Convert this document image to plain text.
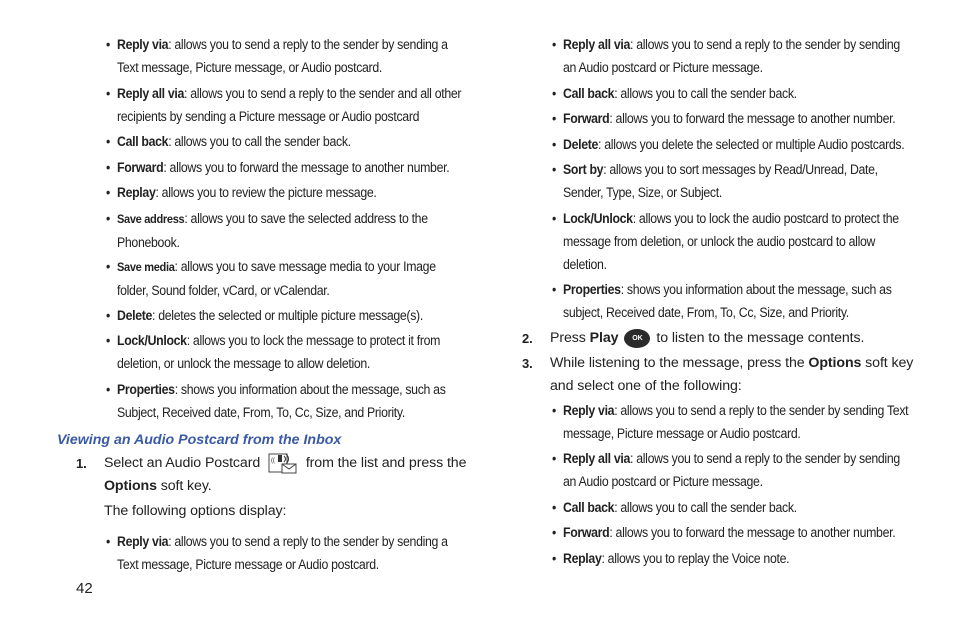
• Reply via: allows you to send a reply to the sender by sending a
Text message, Picture message, or Audio postcard.
• Reply all via: allows you to send a reply to the sender and all other
recipients by sending a Picture message or Audio postcard
• Call back: allows you to call the sender back.
• Forward: allows you to forward the message to another number.
• Replay: allows you to review the picture message.
• Save address: allows you to save the selected address to the
Phonebook.
• Save media: allows you to save message media to your Image
folder, Sound folder, vCard, or vCalendar.
• Delete: deletes the selected or multiple picture message(s).
• Lock/Unlock: allows you to lock the message to protect it from
deletion, or unlock the message to allow deletion.
• Properties: shows you information about the message, such as
Subject, Received date, From, To, Cc, Size, and Priority.
Viewing an Audio Postcard from the Inbox
1. Select an Audio Postcard (( from the list and press the
Options soft key.
The following options display:
• Reply via: allows you to send a reply to the sender by sending a
Text message, Picture message or Audio postcard.
42
• Reply all via: allows you to send a reply to the sender by sending
an Audio postcard or Picture message.
• Call back: allows you to call the sender back.
• Forward: allows you to forward the message to another number.
• Delete: allows you delete the selected or multiple Audio postcards.
• Sort by: allows you to sort messages by Read/Unread, Date,
Sender, Type, Size, or Subject.
• Lock/Unlock: allows you to lock the audio postcard to protect the
message from deletion, or unlock the audio postcard to allow
deletion.
• Properties: shows you information about the message, such as
subject, Received date, From, To, Cc, Size, and Priority.
2. Press Play OK to listen to the message contents.
3. While listening to the message, press the Options soft key
and select one of the following:
• Reply via: allows you to send a reply to the sender by sending Text
message, Picture message or Audio postcard.
• Reply all via: allows you to send a reply to the sender by sending
an Audio postcard or Picture message.
• Call back: allows you to call the sender back.
• Forward: allows you to forward the message to another number.
• Replay: allows you to replay the Voice note.
